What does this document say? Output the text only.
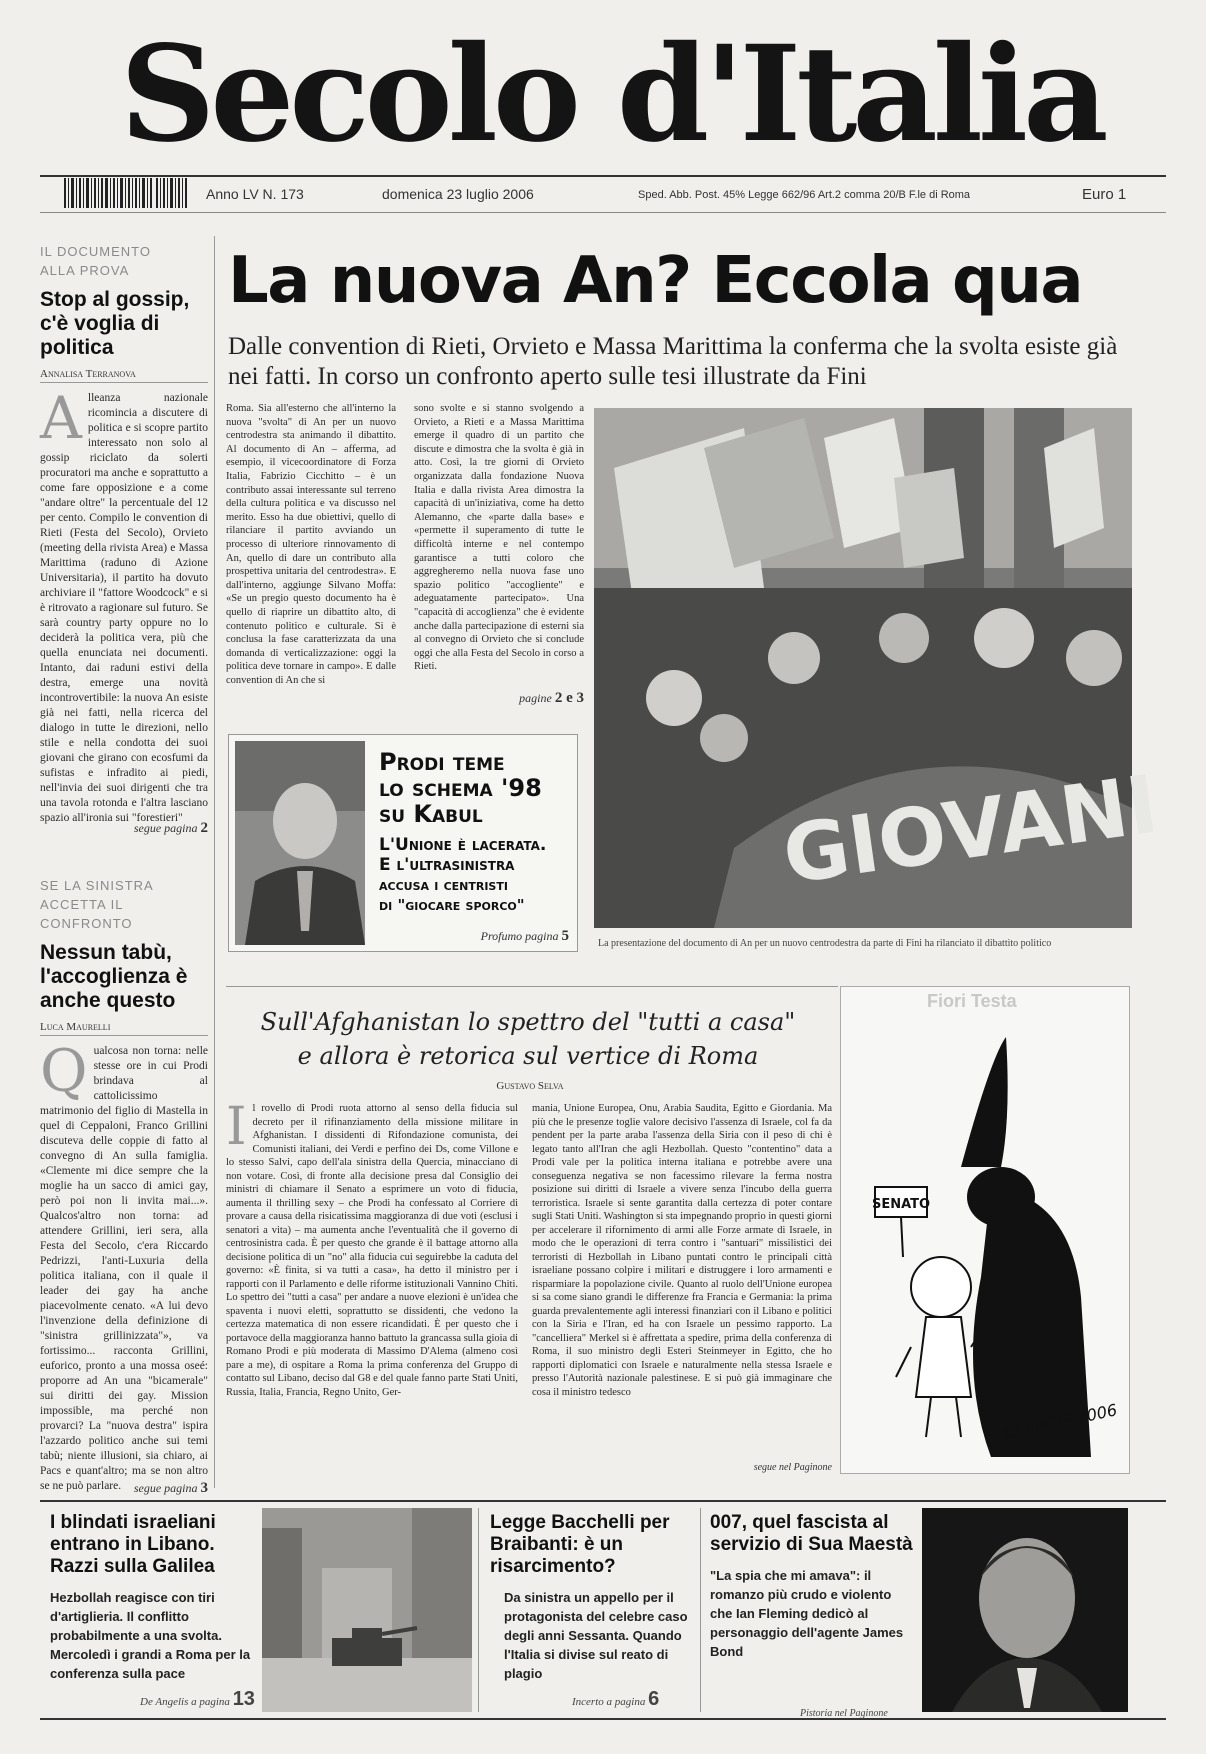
Secolo d'Italia
Anno LV N. 173	domenica 23 luglio 2006	Sped. Abb. Post. 45% Legge 662/96 Art.2 comma 20/B F.le di Roma	Euro 1
IL DOCUMENTO
ALLA PROVA
Stop al gossip, c'è voglia di politica
Annalisa Terranova
Alleanza nazionale ricomincia a discutere di politica e si scopre partito interessato non solo al gossip riciclato da solerti procuratori ma anche e soprattutto a come fare opposizione e a come "andare oltre" la percentuale del 12 per cento. Compilo le convention di Rieti (Festa del Secolo), Orvieto (meeting della rivista Area) e Massa Marittima (raduno di Azione Universitaria), il partito ha dovuto archiviare il "fattore Woodcock" e si è ritrovato a ragionare sul futuro. Se sarà country party oppure no lo deciderà la politica vera, più che quella enunciata nei documenti. Intanto, dai raduni estivi della destra, emerge una novità incontrovertibile: la nuova An esiste già nei fatti, nella ricerca del dialogo in tutte le direzioni, nello stile e nella condotta dei suoi giovani che girano con ecosfumi da sufistas e infradito ai piedi, nell'invia dei suoi dirigenti che tra una tavola rotonda e l'altra lasciano spazio all'ironia sui "forestieri"
segue pagina 2
SE LA SINISTRA
ACCETTA IL CONFRONTO
Nessun tabù, l'accoglienza è anche questo
Luca Maurelli
Qualcosa non torna: nelle stesse ore in cui Prodi brindava al cattolicissimo matrimonio del figlio di Mastella in quel di Ceppaloni, Franco Grillini discuteva delle coppie di fatto al convegno di An sulla famiglia. «Clemente mi dice sempre che la moglie ha un sacco di amici gay, però poi non li invita mai...». Qualcos'altro non torna: ad attendere Grillini, ieri sera, alla Festa del Secolo, c'era Riccardo Pedrizzi, l'anti-Luxuria della politica italiana, con il quale il leader dei gay ha anche piacevolmente cenato. «A lui devo l'invenzione della definizione di "sinistra grillinizzata"», va fortissimo... racconta Grillini, euforico, pronto a una mossa oseé: proporre ad An una "bicamerale" sui diritti dei gay. Mission impossible, ma perché non provarci? La "nuova destra" ispira l'azzardo politico anche sui temi tabù; niente illusioni, sia chiaro, ai Pacs e quant'altro; ma se non altro se ne può parlare.	segue pagina 3
La nuova An? Eccola qua
Dalle convention di Rieti, Orvieto e Massa Marittima la conferma che la svolta esiste già nei fatti. In corso un confronto aperto sulle tesi illustrate da Fini
Roma. Sia all'esterno che all'interno la nuova "svolta" di An per un nuovo centrodestra sta animando il dibattito. Al documento di An – afferma, ad esempio, il vicecoordinatore di Forza Italia, Fabrizio Cicchitto – è un contributo assai interessante sul terreno della cultura politica e va discusso nel merito. Esso ha due obiettivi, quello di rilanciare il partito avviando un processo di ulteriore rinnovamento di An, quello di dare un contributo alla prospettiva unitaria del centrodestra». E dall'interno, aggiunge Silvano Moffa: «Se un pregio questo documento ha è quello di riaprire un dibattito alto, di contenuto politico e culturale. Si è conclusa la fase caratterizzata da una domanda di verticalizzazione: oggi la politica deve tornare in campo». E dalle convention di An che si
sono svolte e si stanno svolgendo a Orvieto, a Rieti e a Massa Marittima emerge il quadro di un partito che discute e dimostra che la svolta è già in atto. Così, la tre giorni di Orvieto organizzata dalla fondazione Nuova Italia e dalla rivista Area dimostra la capacità di un'iniziativa, come ha detto Alemanno, che «parte dalla base» e «permette il superamento di tutte le difficoltà interne e nel contempo garantisce a tutti coloro che aggregheremo nella nuova fase uno spazio politico "accogliente" e adeguatamente partecipato». Una "capacità di accoglienza" che è evidente anche dalla partecipazione di esterni sia al convegno di Orvieto che si conclude oggi che alla Festa del Secolo in corso a Rieti.
pagine 2 e 3
GIOVANI
La presentazione del documento di An per un nuovo centrodestra da parte di Fini ha rilanciato il dibattito politico
Prodi teme
lo schema '98
su Kabul
L'Unione è lacerata.
E l'ultrasinistra
accusa i centristi
di "giocare sporco"
Profumo pagina 5
Sull'Afghanistan lo spettro del "tutti a casa"
e allora è retorica sul vertice di Roma
Gustavo Selva
Il rovello di Prodi ruota attorno al senso della fiducia sul decreto per il rifinanziamento della missione militare in Afghanistan. I dissidenti di Rifondazione comunista, dei Comunisti italiani, dei Verdi e perfino dei Ds, come Villone e lo stesso Salvi, capo dell'ala sinistra della Quercia, minacciano di non votare. Così, di fronte alla decisione presa dal Consiglio dei ministri di chiamare il Senato a esprimere un voto di fiducia, aumenta il thrilling sexy – che Prodi ha confessato al Corriere di provare a causa della risicatissima maggioranza di due voti (esclusi i senatori a vita) – ma aumenta anche l'eventualità che il governo di centrosinistra cada. È per questo che grande è il battage attorno alla decisione politica di un "no" alla fiducia cui seguirebbe la caduta del governo: «È finita, si va tutti a casa», ha detto il ministro per i rapporti con il Parlamento e delle riforme istituzionali Vannino Chiti. Lo spettro dei "tutti a casa" per andare a nuove elezioni è un'idea che spaventa i nuovi eletti, soprattutto se dissidenti, che vedono la certezza matematica di non essere ricandidati. È per questo che i portavoce della maggioranza hanno battuto la grancassa sulla gioia di Romano Prodi e più moderata di Massimo D'Alema (almeno così pare a me), di ospitare a Roma la prima conferenza del Gruppo di contatto sul Libano, deciso dal G8 e del quale fanno parte Stati Uniti, Russia, Italia, Francia, Regno Unito, Ger-
mania, Unione Europea, Onu, Arabia Saudita, Egitto e Giordania. Ma più che le presenze toglie valore decisivo l'assenza di Israele, col fa da pendent per la parte araba l'assenza della Siria con il peso di chi è legato tanto all'Iran che agli Hezbollah. Questo "contentino" data a Prodi vale per la politica interna italiana e potrebbe avere una conseguenza negativa se non facessimo rilevare la ferma nostra posizione sui diritti di Israele a vivere senza l'incubo della guerra terroristica. Israele si sente garantita dalla certezza di poter contare sugli Stati Uniti. Washington si sta impegnando proprio in questi giorni per accelerare il rifornimento di armi alle Forze armate di Israele, in modo che le operazioni di terra contro i "santuari" missilistici dei terroristi di Hezbollah in Libano puntati contro le principali città israeliane possano colpire i militari e distruggere i loro armamenti e risparmiare la popolazione civile. Quanto al ruolo dell'Unione europea si sa come siano grandi le differenze fra Francia e Germania: la prima guarda prevalentemente agli interessi finanziari con il Libano e politici con la Siria e l'Iran, ed ha con Israele un pessimo rapporto. La "cancelliera" Merkel si è affrettata a spedire, prima della conferenza di Roma, il suo ministro degli Esteri Steinmeyer in Egitto, che ho rapporti diplomatici con Israele e naturalmente nella stessa Israele e presso l'Autorità nazionale palestinese. E si può già immaginare che cosa il ministro tedesco
segue nel Paginone
Fiori Testa
SENATO
KRANCIS 2006
I blindati israeliani entrano in Libano. Razzi sulla Galilea
Hezbollah reagisce con tiri d'artiglieria. Il conflitto probabilmente a una svolta. Mercoledì i grandi a Roma per la conferenza sulla pace
De Angelis a pagina 13
Legge Bacchelli per Braibanti: è un risarcimento?
Da sinistra un appello per il protagonista del celebre caso degli anni Sessanta. Quando l'Italia si divise sul reato di plagio
Incerto a pagina 6
007, quel fascista al servizio di Sua Maestà
"La spia che mi amava": il romanzo più crudo e violento che Ian Fleming dedicò al personaggio dell'agente James Bond
Pistoria nel Paginone
